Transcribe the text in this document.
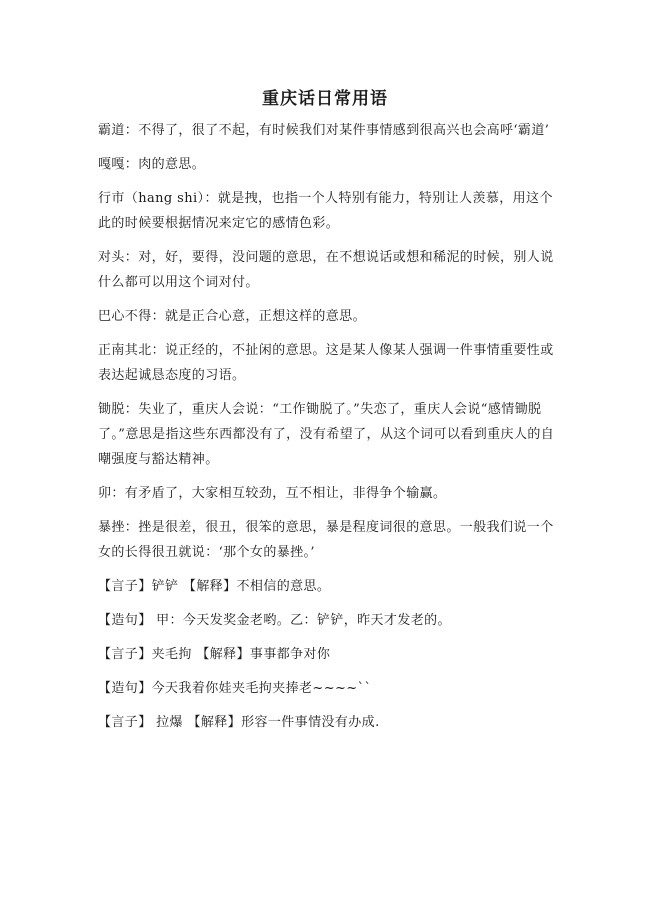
重庆话日常用语

霸道：不得了，很了不起，有时候我们对某件事情感到很高兴也会高呼‘霸道’

嘎嘎：肉的意思。

行市（hang shi）：就是拽，也指一个人特别有能力，特别让人羡慕，用这个此的时候要根据情况来定它的感情色彩。

对头：对，好，要得，没问题的意思，在不想说话或想和稀泥的时候，别人说什么都可以用这个词对付。

巴心不得：就是正合心意，正想这样的意思。

正南其北：说正经的，不扯闲的意思。这是某人像某人强调一件事情重要性或表达起诚恳态度的习语。

锄脱：失业了，重庆人会说：“工作锄脱了。”失恋了，重庆人会说“感情锄脱了。”意思是指这些东西都没有了，没有希望了，从这个词可以看到重庆人的自嘲强度与豁达精神。

卯：有矛盾了，大家相互较劲，互不相让，非得争个输赢。

暴挫：挫是很差，很丑，很笨的意思，暴是程度词很的意思。一般我们说一个女的长得很丑就说：‘那个女的暴挫。’

【言子】铲铲 【解释】不相信的意思。

【造句】 甲：今天发奖金老哟。乙：铲铲，昨天才发老的。

【言子】夹毛拘 【解释】事事都争对你

【造句】今天我着你娃夹毛拘夹捧老~~~~``

【言子】 拉爆 【解释】形容一件事情没有办成.
